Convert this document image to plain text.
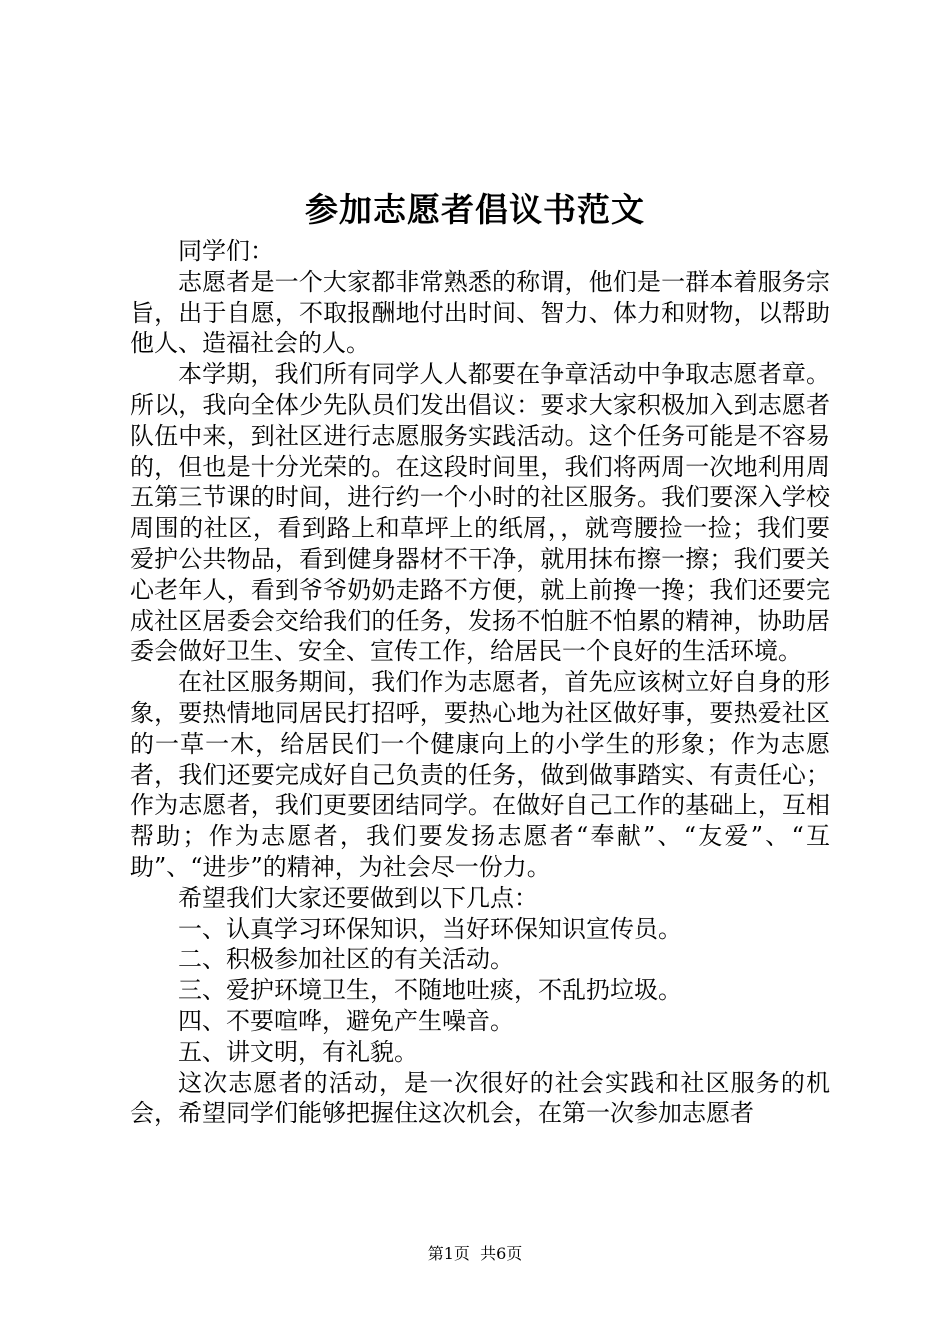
参加志愿者倡议书范文

同学们：

志愿者是一个大家都非常熟悉的称谓，他们是一群本着服务宗旨，出于自愿，不取报酬地付出时间、智力、体力和财物，以帮助他人、造福社会的人。

本学期，我们所有同学人人都要在争章活动中争取志愿者章。所以，我向全体少先队员们发出倡议：要求大家积极加入到志愿者队伍中来，到社区进行志愿服务实践活动。这个任务可能是不容易的，但也是十分光荣的。在这段时间里，我们将两周一次地利用周五第三节课的时间，进行约一个小时的社区服务。我们要深入学校周围的社区，看到路上和草坪上的纸屑，，就弯腰捡一捡；我们要爱护公共物品，看到健身器材不干净，就用抹布擦一擦；我们要关心老年人，看到爷爷奶奶走路不方便，就上前搀一搀；我们还要完成社区居委会交给我们的任务，发扬不怕脏不怕累的精神，协助居委会做好卫生、安全、宣传工作，给居民一个良好的生活环境。

在社区服务期间，我们作为志愿者，首先应该树立好自身的形象，要热情地同居民打招呼，要热心地为社区做好事，要热爱社区的一草一木，给居民们一个健康向上的小学生的形象；作为志愿者，我们还要完成好自己负责的任务，做到做事踏实、有责任心；作为志愿者，我们更要团结同学。在做好自己工作的基础上，互相帮助；作为志愿者，我们要发扬志愿者“奉献”、“友爱”、“互助”、“进步”的精神，为社会尽一份力。

希望我们大家还要做到以下几点：

一、认真学习环保知识，当好环保知识宣传员。

二、积极参加社区的有关活动。

三、爱护环境卫生，不随地吐痰，不乱扔垃圾。

四、不要喧哗，避免产生噪音。

五、讲文明，有礼貌。

这次志愿者的活动，是一次很好的社会实践和社区服务的机会，希望同学们能够把握住这次机会，在第一次参加志愿者

第1页 共6页
